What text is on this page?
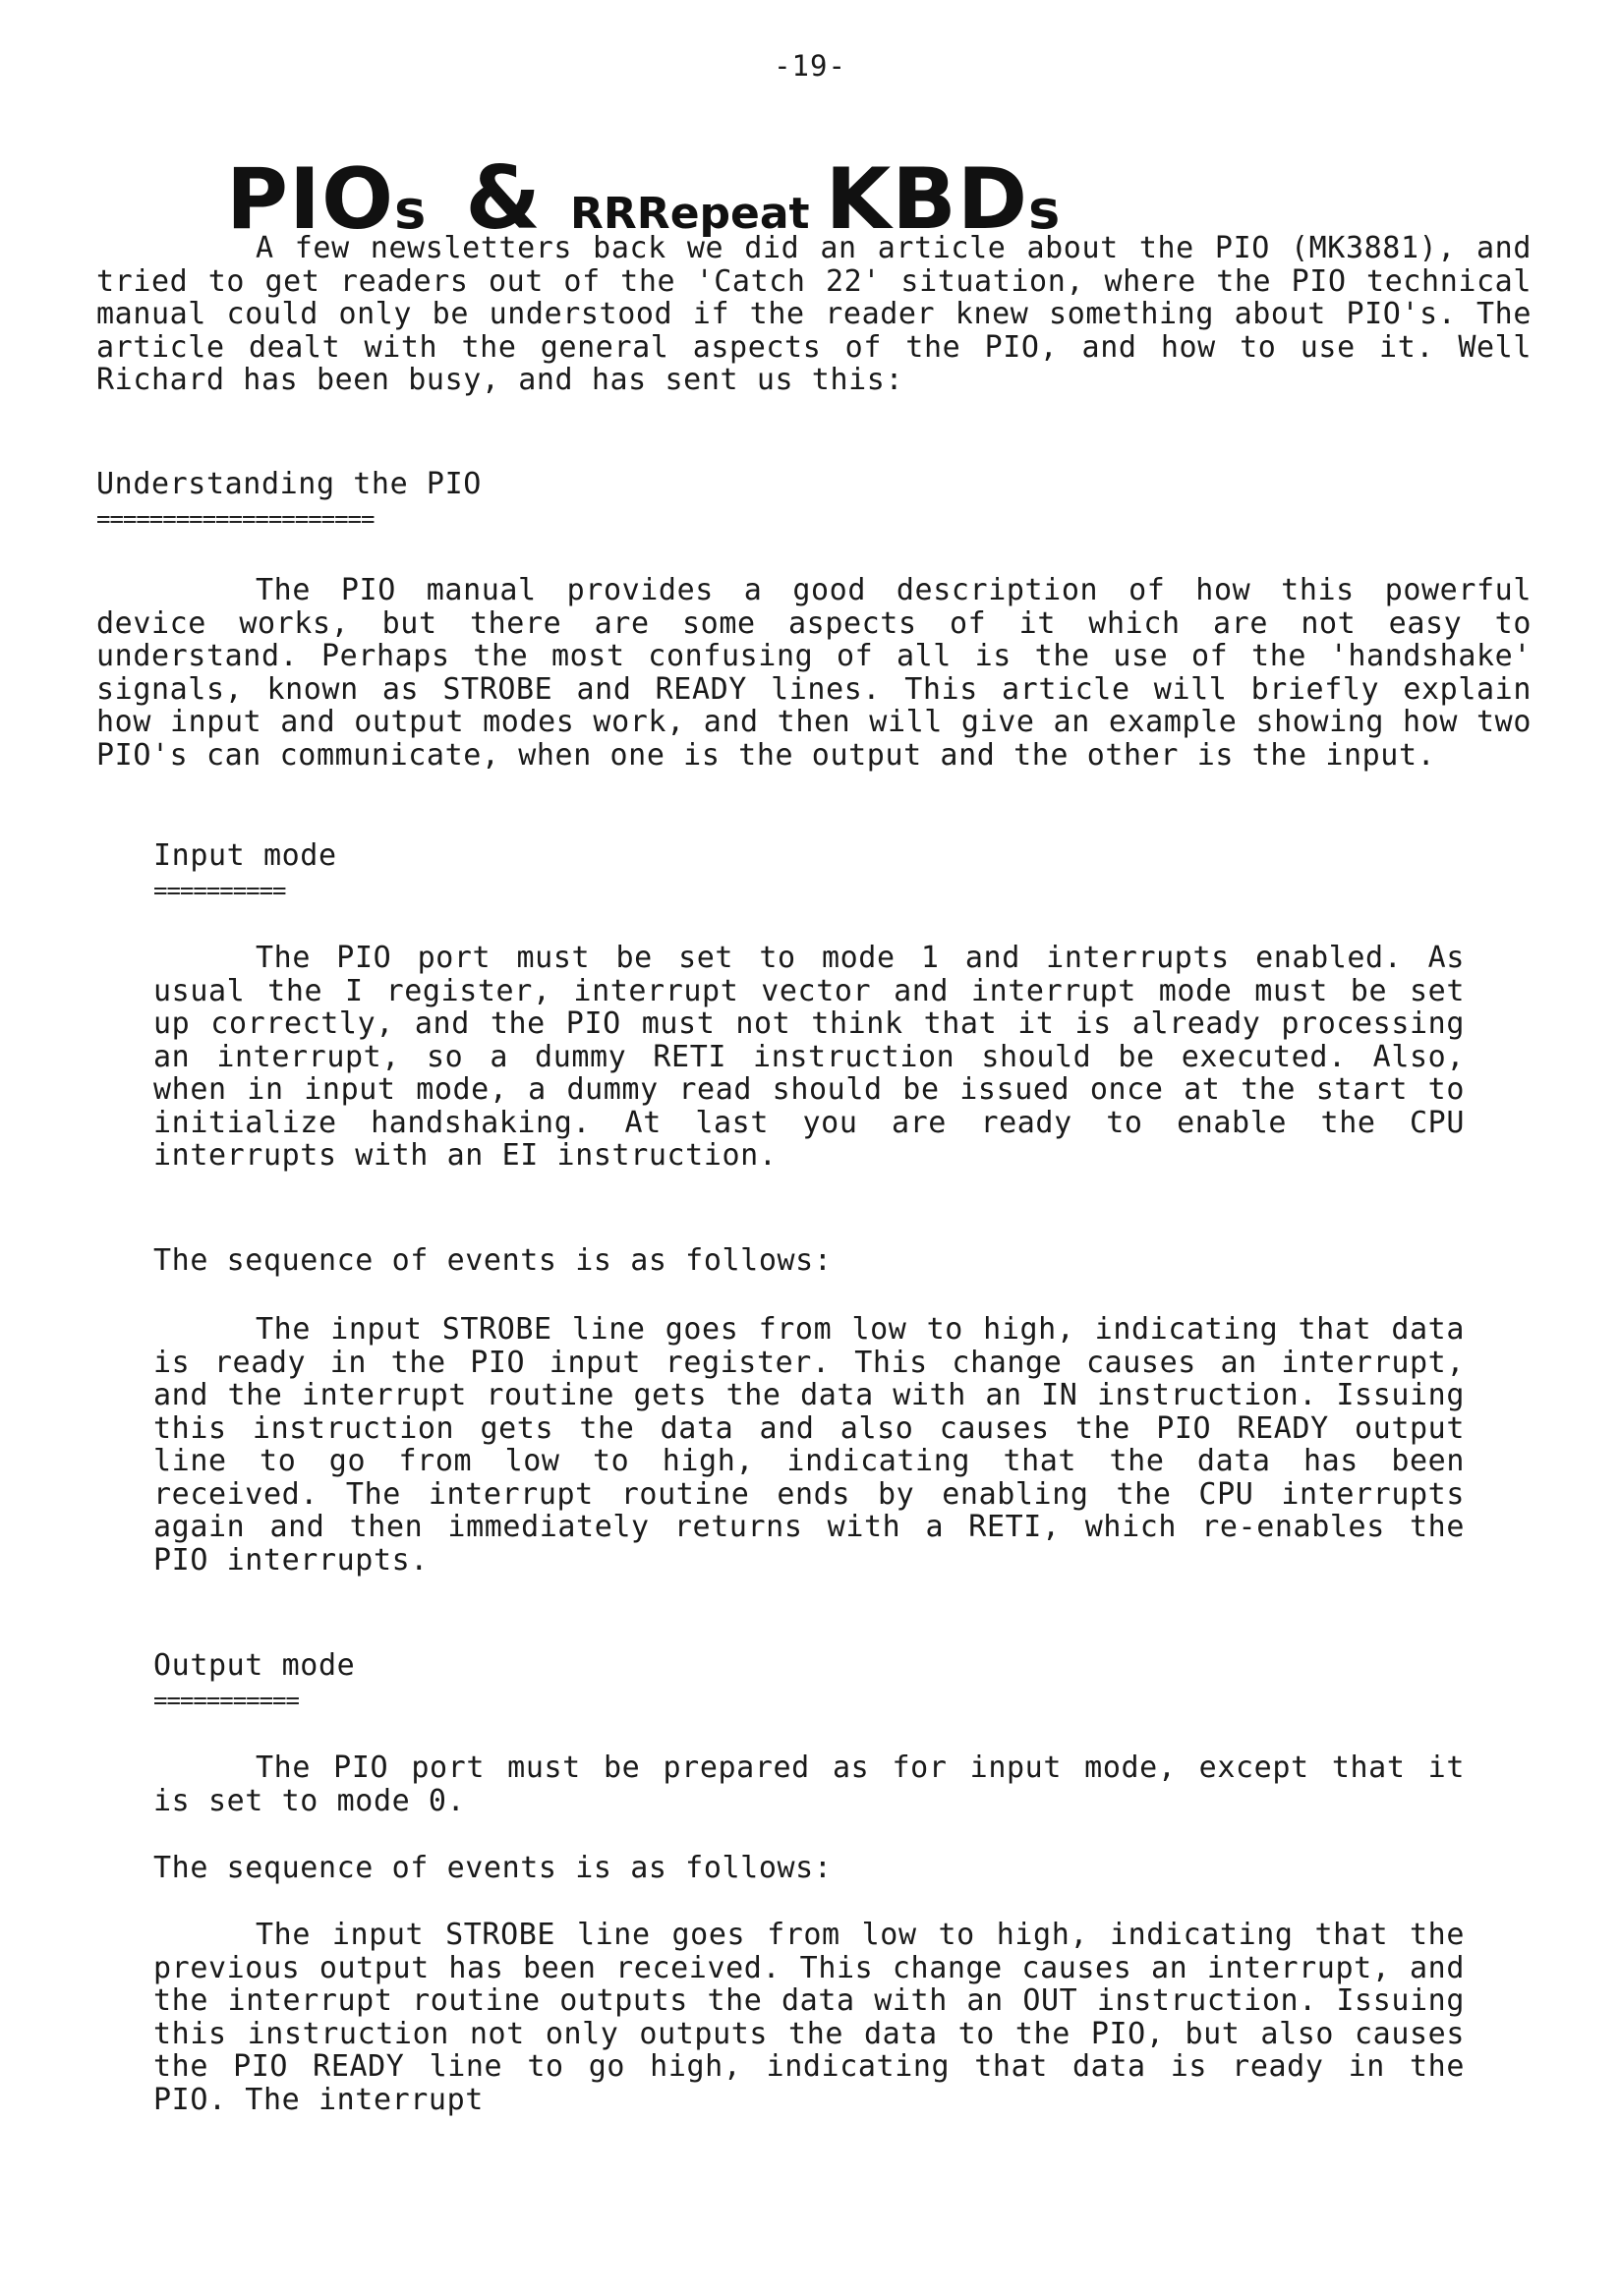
-19-
PIOs & RRRepeat KBDs

A few newsletters back we did an article about the PIO (MK3881), and tried to get readers out of the 'Catch 22' situation, where the PIO technical manual could only be understood if the reader knew something about PIO's. The article dealt with the general aspects of the PIO, and how to use it. Well Richard has been busy, and has sent us this:

Understanding the PIO
=====================

The PIO manual provides a good description of how this powerful device works, but there are some aspects of it which are not easy to understand. Perhaps the most confusing of all is the use of the 'handshake' signals, known as STROBE and READY lines. This article will briefly explain how input and output modes work, and then will give an example showing how two PIO's can communicate, when one is the output and the other is the input.

Input mode
==========

The PIO port must be set to mode 1 and interrupts enabled. As usual the I register, interrupt vector and interrupt mode must be set up correctly, and the PIO must not think that it is already processing an interrupt, so a dummy RETI instruction should be executed. Also, when in input mode, a dummy read should be issued once at the start to initialize handshaking. At last you are ready to enable the CPU interrupts with an EI instruction.

The sequence of events is as follows:

The input STROBE line goes from low to high, indicating that data is ready in the PIO input register. This change causes an interrupt, and the interrupt routine gets the data with an IN instruction. Issuing this instruction gets the data and also causes the PIO READY output line to go from low to high, indicating that the data has been received. The interrupt routine ends by enabling the CPU interrupts again and then immediately returns with a RETI, which re-enables the PIO interrupts.

Output mode
===========

The PIO port must be prepared as for input mode, except that it is set to mode 0.

The sequence of events is as follows:

The input STROBE line goes from low to high, indicating that the previous output has been received. This change causes an interrupt, and the interrupt routine outputs the data with an OUT instruction. Issuing this instruction not only outputs the data to the PIO, but also causes the PIO READY line to go high, indicating that data is ready in the PIO. The interrupt
